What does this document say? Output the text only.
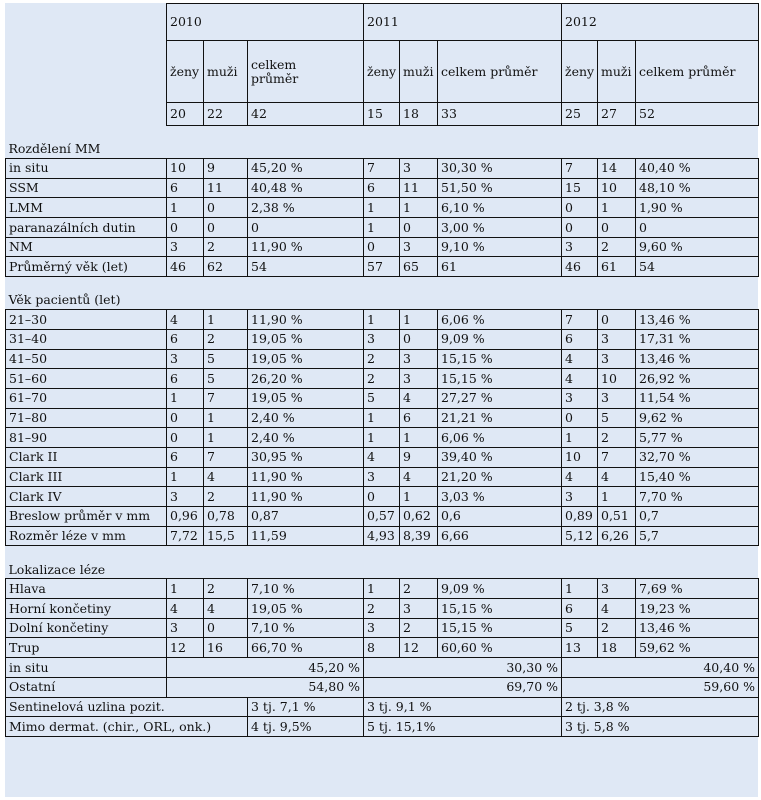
	2010			2011			2012		
	ženy	muži	celkem průměr	ženy	muži	celkem průměr	ženy	muži	celkem průměr
	20	22	42	15	18	33	25	27	52

Rozdělení MM									
in situ	10	9	45,20 %	7	3	30,30 %	7	14	40,40 %
SSM	6	11	40,48 %	6	11	51,50 %	15	10	48,10 %
LMM	1	0	2,38 %	1	1	6,10 %	0	1	1,90 %
paranazálních dutin	0	0	0	1	0	3,00 %	0	0	0
NM	3	2	11,90 %	0	3	9,10 %	3	2	9,60 %
Průměrný věk (let)	46	62	54	57	65	61	46	61	54

Věk pacientů (let)									
21–30	4	1	11,90 %	1	1	6,06 %	7	0	13,46 %
31–40	6	2	19,05 %	3	0	9,09 %	6	3	17,31 %
41–50	3	5	19,05 %	2	3	15,15 %	4	3	13,46 %
51–60	6	5	26,20 %	2	3	15,15 %	4	10	26,92 %
61–70	1	7	19,05 %	5	4	27,27 %	3	3	11,54 %
71–80	0	1	2,40 %	1	6	21,21 %	0	5	9,62 %
81–90	0	1	2,40 %	1	1	6,06 %	1	2	5,77 %
Clark II	6	7	30,95 %	4	9	39,40 %	10	7	32,70 %
Clark III	1	4	11,90 %	3	4	21,20 %	4	4	15,40 %
Clark IV	3	2	11,90 %	0	1	3,03 %	3	1	7,70 %
Breslow průměr v mm	0,96	0,78	0,87	0,57	0,62	0,6	0,89	0,51	0,7
Rozměr léze v mm	7,72	15,5	11,59	4,93	8,39	6,66	5,12	6,26	5,7

Lokalizace léze									
Hlava	1	2	7,10 %	1	2	9,09 %	1	3	7,69 %
Horní končetiny	4	4	19,05 %	2	3	15,15 %	6	4	19,23 %
Dolní končetiny	3	0	7,10 %	3	2	15,15 %	5	2	13,46 %
Trup	12	16	66,70 %	8	12	60,60 %	13	18	59,62 %
in situ	45,20 %			30,30 %			40,40 %		
Ostatní	54,80 %			69,70 %			59,60 %		
Sentinelová uzlina pozit.			3 tj. 7,1 %	3 tj. 9,1 %			2 tj. 3,8 %		
Mimo dermat. (chir., ORL, onk.)			4 tj. 9,5%	5 tj. 15,1%			3 tj. 5,8 %		
